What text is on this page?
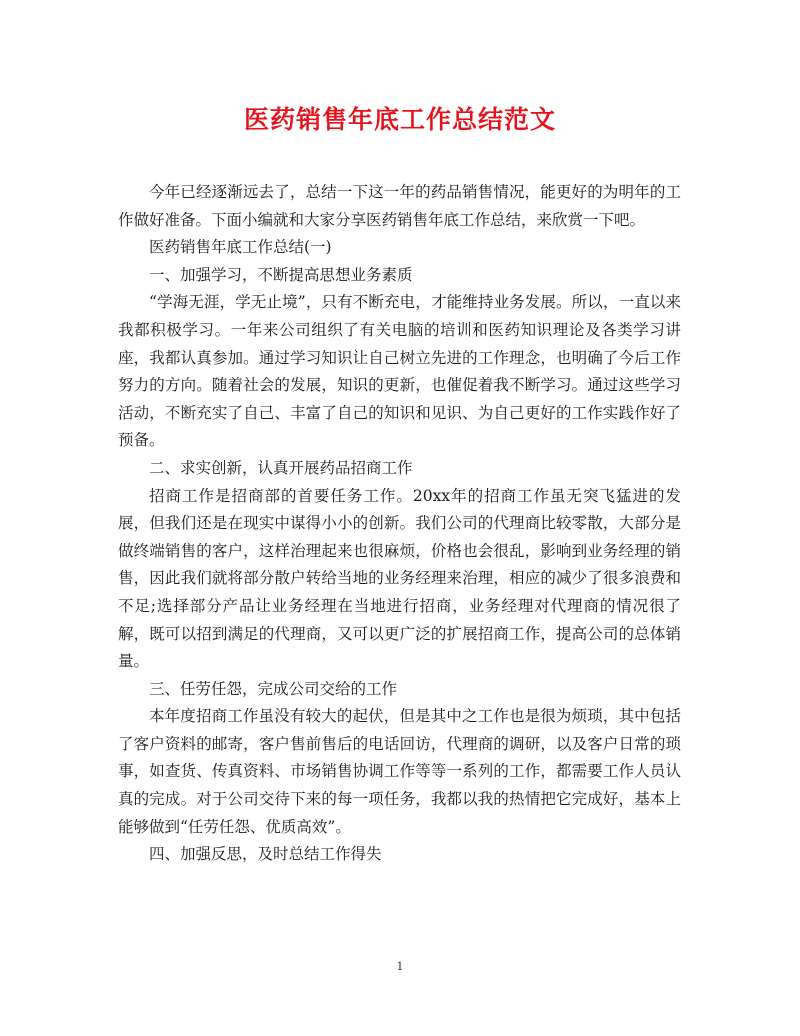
医药销售年底工作总结范文

今年已经逐渐远去了，总结一下这一年的药品销售情况，能更好的为明年的工作做好准备。下面小编就和大家分享医药销售年底工作总结，来欣赏一下吧。

医药销售年底工作总结(一)

一、加强学习，不断提高思想业务素质

“学海无涯，学无止境”，只有不断充电，才能维持业务发展。所以，一直以来我都积极学习。一年来公司组织了有关电脑的培训和医药知识理论及各类学习讲座，我都认真参加。通过学习知识让自己树立先进的工作理念，也明确了今后工作努力的方向。随着社会的发展，知识的更新，也催促着我不断学习。通过这些学习活动，不断充实了自己、丰富了自己的知识和见识、为自己更好的工作实践作好了预备。

二、求实创新，认真开展药品招商工作

招商工作是招商部的首要任务工作。20xx年的招商工作虽无突飞猛进的发展，但我们还是在现实中谋得小小的创新。我们公司的代理商比较零散，大部分是做终端销售的客户，这样治理起来也很麻烦，价格也会很乱，影响到业务经理的销售，因此我们就将部分散户转给当地的业务经理来治理，相应的减少了很多浪费和不足;选择部分产品让业务经理在当地进行招商，业务经理对代理商的情况很了解，既可以招到满足的代理商，又可以更广泛的扩展招商工作，提高公司的总体销量。

三、任劳任怨，完成公司交给的工作

本年度招商工作虽没有较大的起伏，但是其中之工作也是很为烦琐，其中包括了客户资料的邮寄，客户售前售后的电话回访，代理商的调研，以及客户日常的琐事，如查货、传真资料、市场销售协调工作等等一系列的工作，都需要工作人员认真的完成。对于公司交待下来的每一项任务，我都以我的热情把它完成好，基本上能够做到“任劳任怨、优质高效”。

四、加强反思，及时总结工作得失

1
